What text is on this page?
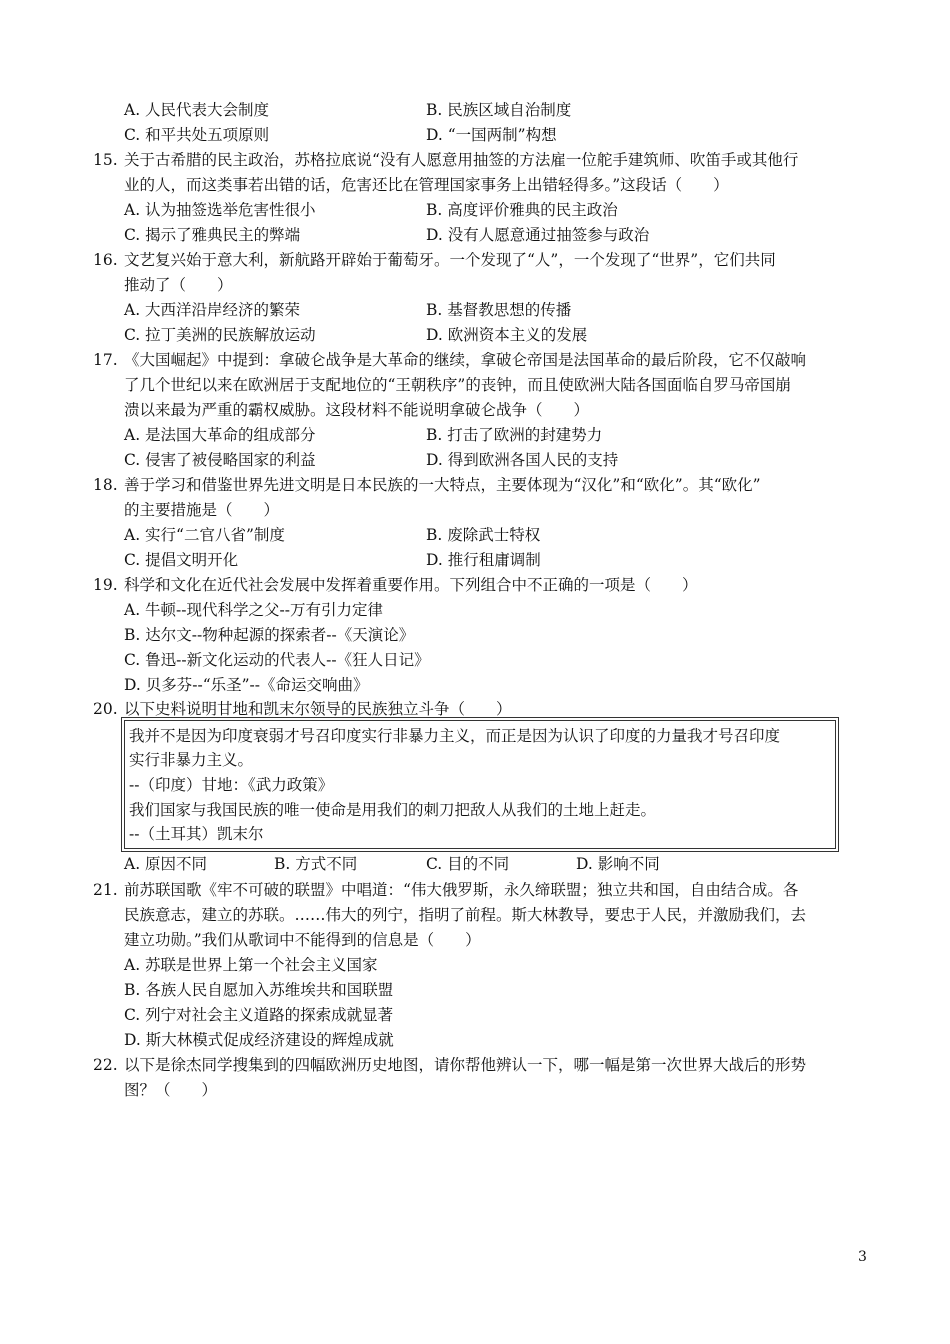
A. 人民代表大会制度	B. 民族区域自治制度
C. 和平共处五项原则	D. “一国两制”构想
15. 关于古希腊的民主政治，苏格拉底说“没有人愿意用抽签的方法雇一位舵手建筑师、吹笛手或其他行
业的人，而这类事若出错的话，危害还比在管理国家事务上出错轻得多。”这段话（　　）
A. 认为抽签选举危害性很小	B. 高度评价雅典的民主政治
C. 揭示了雅典民主的弊端	D. 没有人愿意通过抽签参与政治
16. 文艺复兴始于意大利，新航路开辟始于葡萄牙。一个发现了“人”，一个发现了“世界”，它们共同
推动了（　　）
A. 大西洋沿岸经济的繁荣	B. 基督教思想的传播
C. 拉丁美洲的民族解放运动	D. 欧洲资本主义的发展
17. 《大国崛起》中提到：拿破仑战争是大革命的继续，拿破仑帝国是法国革命的最后阶段，它不仅敲响
了几个世纪以来在欧洲居于支配地位的“王朝秩序”的丧钟，而且使欧洲大陆各国面临自罗马帝国崩
溃以来最为严重的霸权威胁。这段材料不能说明拿破仑战争（　　）
A. 是法国大革命的组成部分	B. 打击了欧洲的封建势力
C. 侵害了被侵略国家的利益	D. 得到欧洲各国人民的支持
18. 善于学习和借鉴世界先进文明是日本民族的一大特点，主要体现为“汉化”和“欧化”。其“欧化”
的主要措施是（　　）
A. 实行“二官八省”制度	B. 废除武士特权
C. 提倡文明开化	D. 推行租庸调制
19. 科学和文化在近代社会发展中发挥着重要作用。下列组合中不正确的一项是（　　）
A. 牛顿--现代科学之父--万有引力定律
B. 达尔文--物种起源的探索者--《天演论》
C. 鲁迅--新文化运动的代表人--《狂人日记》
D. 贝多芬--“乐圣”--《命运交响曲》
20. 以下史料说明甘地和凯末尔领导的民族独立斗争（　　）
我并不是因为印度衰弱才号召印度实行非暴力主义，而正是因为认识了印度的力量我才号召印度
实行非暴力主义。
--（印度）甘地：《武力政策》
我们国家与我国民族的唯一使命是用我们的刺刀把敌人从我们的土地上赶走。
--（土耳其）凯末尔
A. 原因不同	B. 方式不同	C. 目的不同	D. 影响不同
21. 前苏联国歌《牢不可破的联盟》中唱道：“伟大俄罗斯，永久缔联盟；独立共和国，自由结合成。各
民族意志，建立的苏联。……伟大的列宁，指明了前程。斯大林教导，要忠于人民，并激励我们，去
建立功勋。”我们从歌词中不能得到的信息是（　　）
A. 苏联是世界上第一个社会主义国家
B. 各族人民自愿加入苏维埃共和国联盟
C. 列宁对社会主义道路的探索成就显著
D. 斯大林模式促成经济建设的辉煌成就
22. 以下是徐杰同学搜集到的四幅欧洲历史地图，请你帮他辨认一下，哪一幅是第一次世界大战后的形势
图？（　　）
3
